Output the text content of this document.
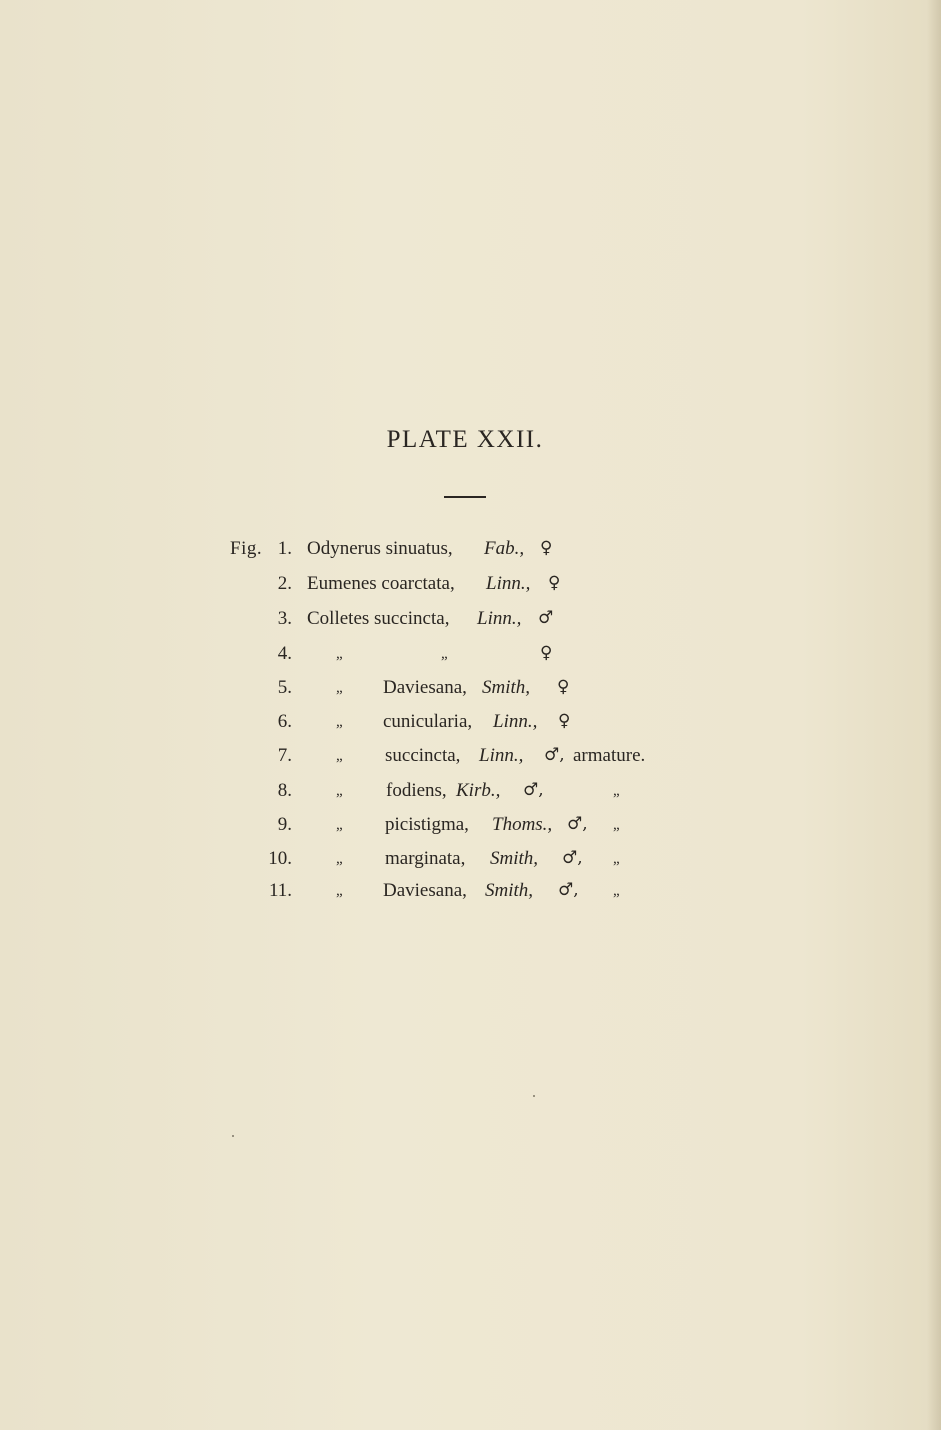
PLATE XXII.
Fig. 1. Odynerus sinuatus, Fab., ♀
2. Eumenes coarctata, Linn., ♀
3. Colletes succincta, Linn., ♂
4.	„	„	♀
5.	„ Daviesana, Smith, ♀
6.	„ cunicularia, Linn., ♀
7.	„ succincta, Linn., ♂, armature.
8.	„ fodiens, Kirb., ♂,	„
9.	„ picistigma, Thoms., ♂, „
10.	„ marginata, Smith, ♂, „
11.	„ Daviesana, Smith, ♂, „
